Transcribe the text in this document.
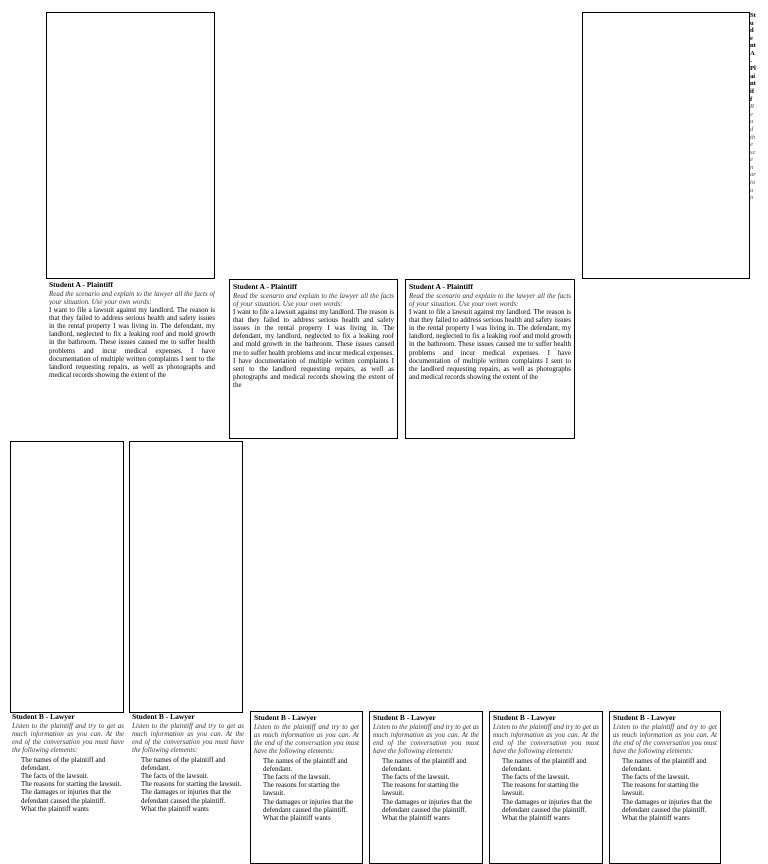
Student A - Plaintiff

Read the scenario and explain to the lawyer all the facts of your situation. Use your own words:

I want to file a lawsuit against my landlord. The reason is that they failed to address serious health and safety issues in the rental property I was living in. The defendant, my landlord, neglected to fix a leaking roof and mold growth in the bathroom. These issues caused me to suffer health problems and incur medical expenses. I have documentation of multiple written complaints I sent to the landlord requesting repairs, as well as photographs and medical records showing the extent of the

Student A - Plaintiff

Read the scenario and explain to the lawyer all the facts of your situation. Use your own words:

I want to file a lawsuit against my landlord. The reason is that they failed to address serious health and safety issues in the rental property I was living in. The defendant, my landlord, neglected to fix a leaking roof and mold growth in the bathroom. These issues caused me to suffer health problems and incur medical expenses. I have documentation of multiple written complaints I sent to the landlord requesting repairs, as well as photographs and medical records showing the extent of the

Student A - Plaintiff

Read the scenario and explain to the lawyer all the facts of your situation. Use your own words:

I want to file a lawsuit against my landlord. The reason is that they failed to address serious health and safety issues in the rental property I was living in. The defendant, my landlord, neglected to fix a leaking roof and mold growth in the bathroom. These issues caused me to suffer health problems and incur medical expenses. I have documentation of multiple written complaints I sent to the landlord requesting repairs, as well as photographs and medical records showing the extent of the

Student A - Plaintiff
Read the scenario an

Student B - Lawyer

Listen to the plaintiff and try to get as much information as you can. At the end of the conversation you must have the following elements:

The names of the plaintiff and defendant.
The facts of the lawsuit.
The reasons for starting the lawsuit.
The damages or injuries that the defendant caused the plaintiff.
What the plaintiff wants

Student B - Lawyer

Listen to the plaintiff and try to get as much information as you can. At the end of the conversation you must have the following elements:

The names of the plaintiff and defendant.
The facts of the lawsuit.
The reasons for starting the lawsuit.
The damages or injuries that the defendant caused the plaintiff.
What the plaintiff wants

Student B - Lawyer

Listen to the plaintiff and try to get as much information as you can. At the end of the conversation you must have the following elements:

The names of the plaintiff and defendant.
The facts of the lawsuit.
The reasons for starting the lawsuit.
The damages or injuries that the defendant caused the plaintiff.
What the plaintiff wants

Student B - Lawyer

Listen to the plaintiff and try to get as much information as you can. At the end of the conversation you must have the following elements:

The names of the plaintiff and defendant.
The facts of the lawsuit.
The reasons for starting the lawsuit.
The damages or injuries that the defendant caused the plaintiff.
What the plaintiff wants

Student B - Lawyer

Listen to the plaintiff and try to get as much information as you can. At the end of the conversation you must have the following elements:

The names of the plaintiff and defendant.
The facts of the lawsuit.
The reasons for starting the lawsuit.
The damages or injuries that the defendant caused the plaintiff.
What the plaintiff wants

Student B - Lawyer

Listen to the plaintiff and try to get as much information as you can. At the end of the conversation you must have the following elements:

The names of the plaintiff and defendant.
The facts of the lawsuit.
The reasons for starting the lawsuit.
The damages or injuries that the defendant caused the plaintiff.
What the plaintiff wants
